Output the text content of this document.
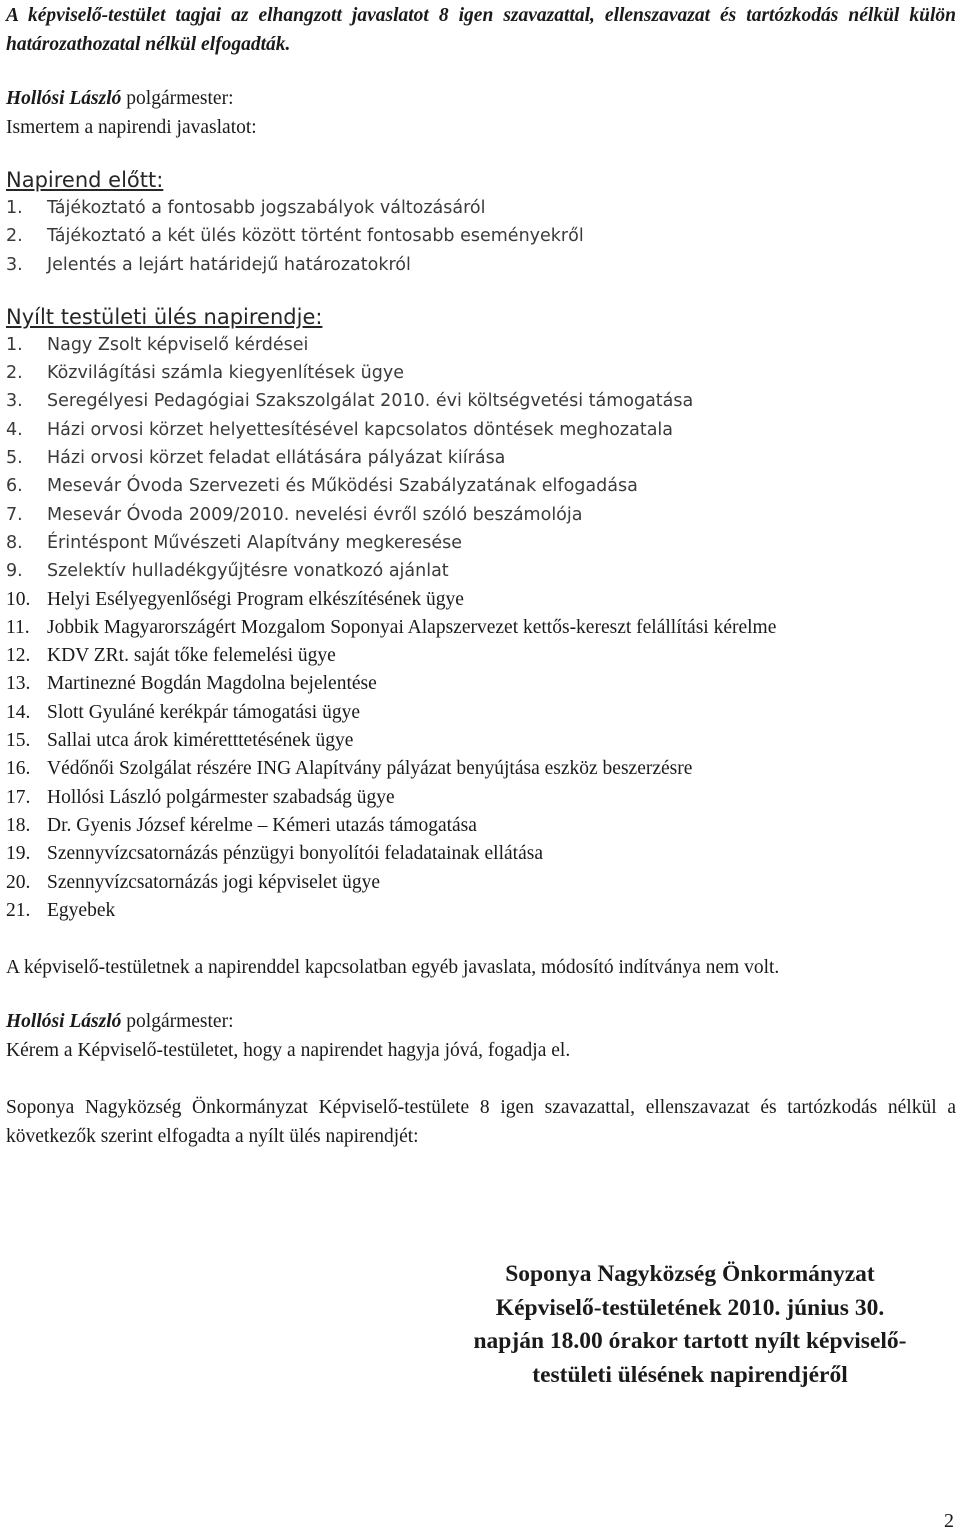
A képviselő-testület tagjai az elhangzott javaslatot 8 igen szavazattal, ellenszavazat és tartózkodás nélkül külön határozathozatal nélkül elfogadták.

Hollósi László polgármester:

Ismertem a napirendi javaslatot:

Napirend előtt:

1.	Tájékoztató a fontosabb jogszabályok változásáról
2.	Tájékoztató a két ülés között történt fontosabb eseményekről
3.	Jelentés a lejárt határidejű határozatokról

Nyílt testületi ülés napirendje:

1.	Nagy Zsolt képviselő kérdései
2.	Közvilágítási számla kiegyenlítések ügye
3.	Seregélyesi Pedagógiai Szakszolgálat 2010. évi költségvetési támogatása
4.	Házi orvosi körzet helyettesítésével kapcsolatos döntések meghozatala
5.	Házi orvosi körzet feladat ellátására pályázat kiírása
6.	Mesevár Óvoda Szervezeti és Működési Szabályzatának elfogadása
7.	Mesevár Óvoda 2009/2010. nevelési évről szóló beszámolója
8.	Érintéspont Művészeti Alapítvány megkeresése
9.	Szelektív hulladékgyűjtésre vonatkozó ajánlat
10. Helyi Esélyegyenlőségi Program elkészítésének ügye
11. Jobbik Magyarországért Mozgalom Soponyai Alapszervezet kettős-kereszt felállítási kérelme
12. KDV ZRt. saját tőke felemelési ügye
13. Martinezné Bogdán Magdolna bejelentése
14. Slott Gyuláné kerékpár támogatási ügye
15. Sallai utca árok kiméretttetésének ügye
16. Védőnői Szolgálat részére ING Alapítvány pályázat benyújtása eszköz beszerzésre
17. Hollósi László polgármester szabadság ügye
18. Dr. Gyenis József kérelme – Kémeri utazás támogatása
19. Szennyvízcsatornázás pénzügyi bonyolítói feladatainak ellátása
20. Szennyvízcsatornázás jogi képviselet ügye
21. Egyebek

A képviselő-testületnek a napirenddel kapcsolatban egyéb javaslata, módosító indítványa nem volt.

Hollósi László polgármester:

Kérem a Képviselő-testületet, hogy a napirendet hagyja jóvá, fogadja el.

Soponya Nagyközség Önkormányzat Képviselő-testülete 8 igen szavazattal, ellenszavazat és tartózkodás nélkül a következők szerint elfogadta a nyílt ülés napirendjét:

Soponya Nagyközség Önkormányzat
Képviselő-testületének 2010. június 30.
napján 18.00 órakor tartott nyílt képviselő-
testületi ülésének napirendjéről
2
